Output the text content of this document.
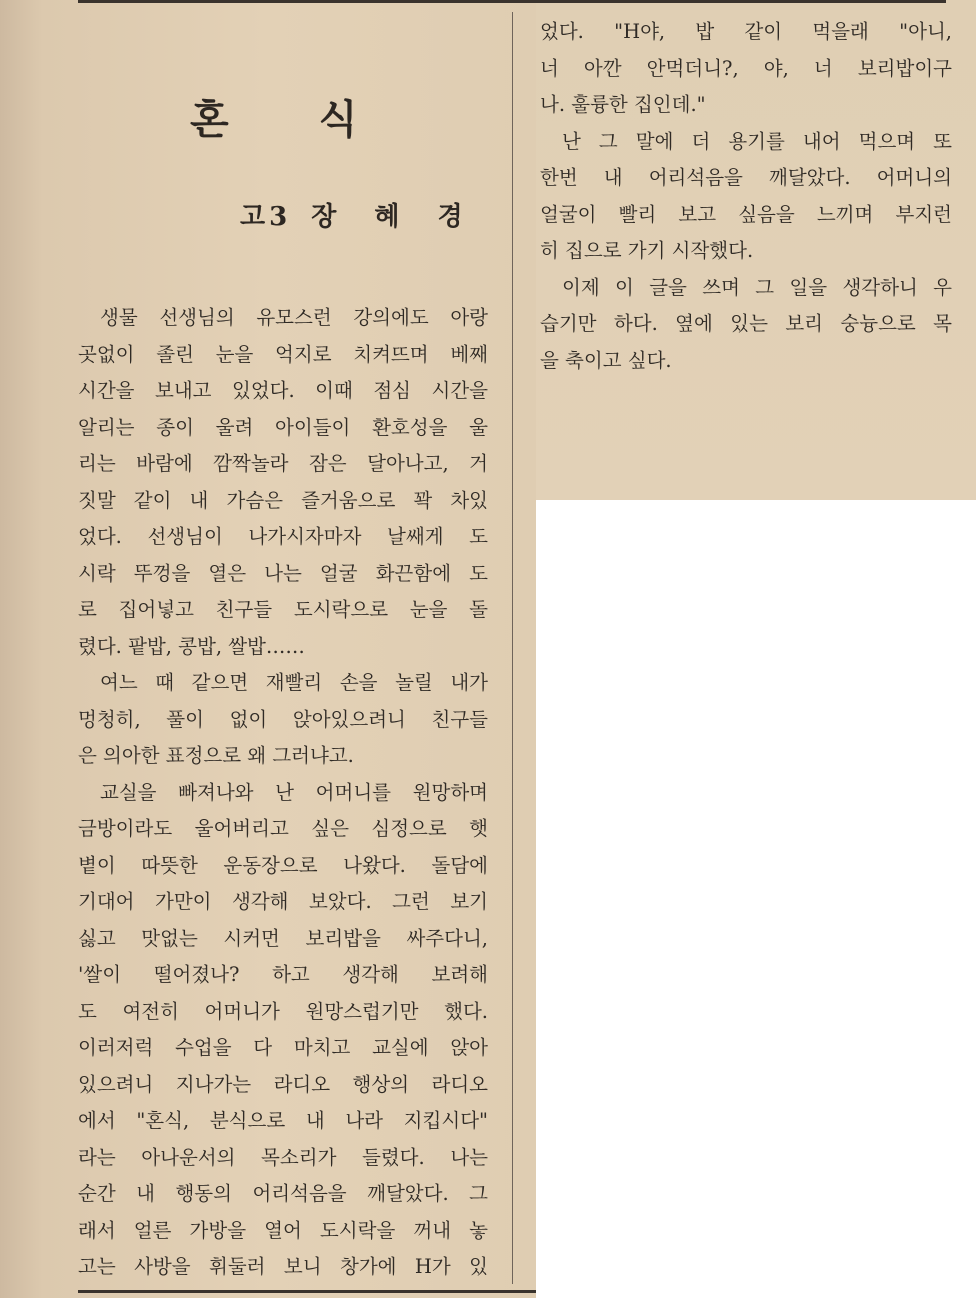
혼식
고3 장혜경
생물 선생님의 유모스런 강의에도 아랑
곳없이 졸린 눈을 억지로 치켜뜨며 베째
시간을 보내고 있었다. 이때 점심 시간을
알리는 종이 울려 아이들이 환호성을 울
리는 바람에 깜짝놀라 잠은 달아나고, 거
짓말 같이 내 가슴은 즐거움으로 꽉 차있
었다. 선생님이 나가시자마자 날쌔게 도
시락 뚜껑을 열은 나는 얼굴 화끈함에 도
로 집어넣고 친구들 도시락으로 눈을 돌
렸다. 팥밥, 콩밥, 쌀밥……
여느 때 같으면 재빨리 손을 놀릴 내가
멍청히, 풀이 없이 앉아있으려니 친구들
은 의아한 표정으로 왜 그러냐고.
교실을 빠져나와 난 어머니를 원망하며
금방이라도 울어버리고 싶은 심정으로 햇
볕이 따뜻한 운동장으로 나왔다. 돌담에
기대어 가만이 생각해 보았다. 그런 보기
싫고 맛없는 시커먼 보리밥을 싸주다니,
'쌀이 떨어졌나? 하고 생각해 보려해
도 여전히 어머니가 원망스럽기만 했다.
이러저럭 수업을 다 마치고 교실에 앉아
있으려니 지나가는 라디오 행상의 라디오
에서 "혼식, 분식으로 내 나라 지킵시다"
라는 아나운서의 목소리가 들렸다. 나는
순간 내 행동의 어리석음을 깨달았다. 그
래서 얼른 가방을 열어 도시락을 꺼내 놓
고는 사방을 휘둘러 보니 창가에 H가 있
었다. "H야, 밥 같이 먹을래 "아니,
너 아깐 안먹더니?, 야, 너 보리밥이구
나. 훌륭한 집인데."
난 그 말에 더 용기를 내어 먹으며 또
한번 내 어리석음을 깨달았다. 어머니의
얼굴이 빨리 보고 싶음을 느끼며 부지런
히 집으로 가기 시작했다.
이제 이 글을 쓰며 그 일을 생각하니 우
습기만 하다. 옆에 있는 보리 숭늉으로 목
을 축이고 싶다.
